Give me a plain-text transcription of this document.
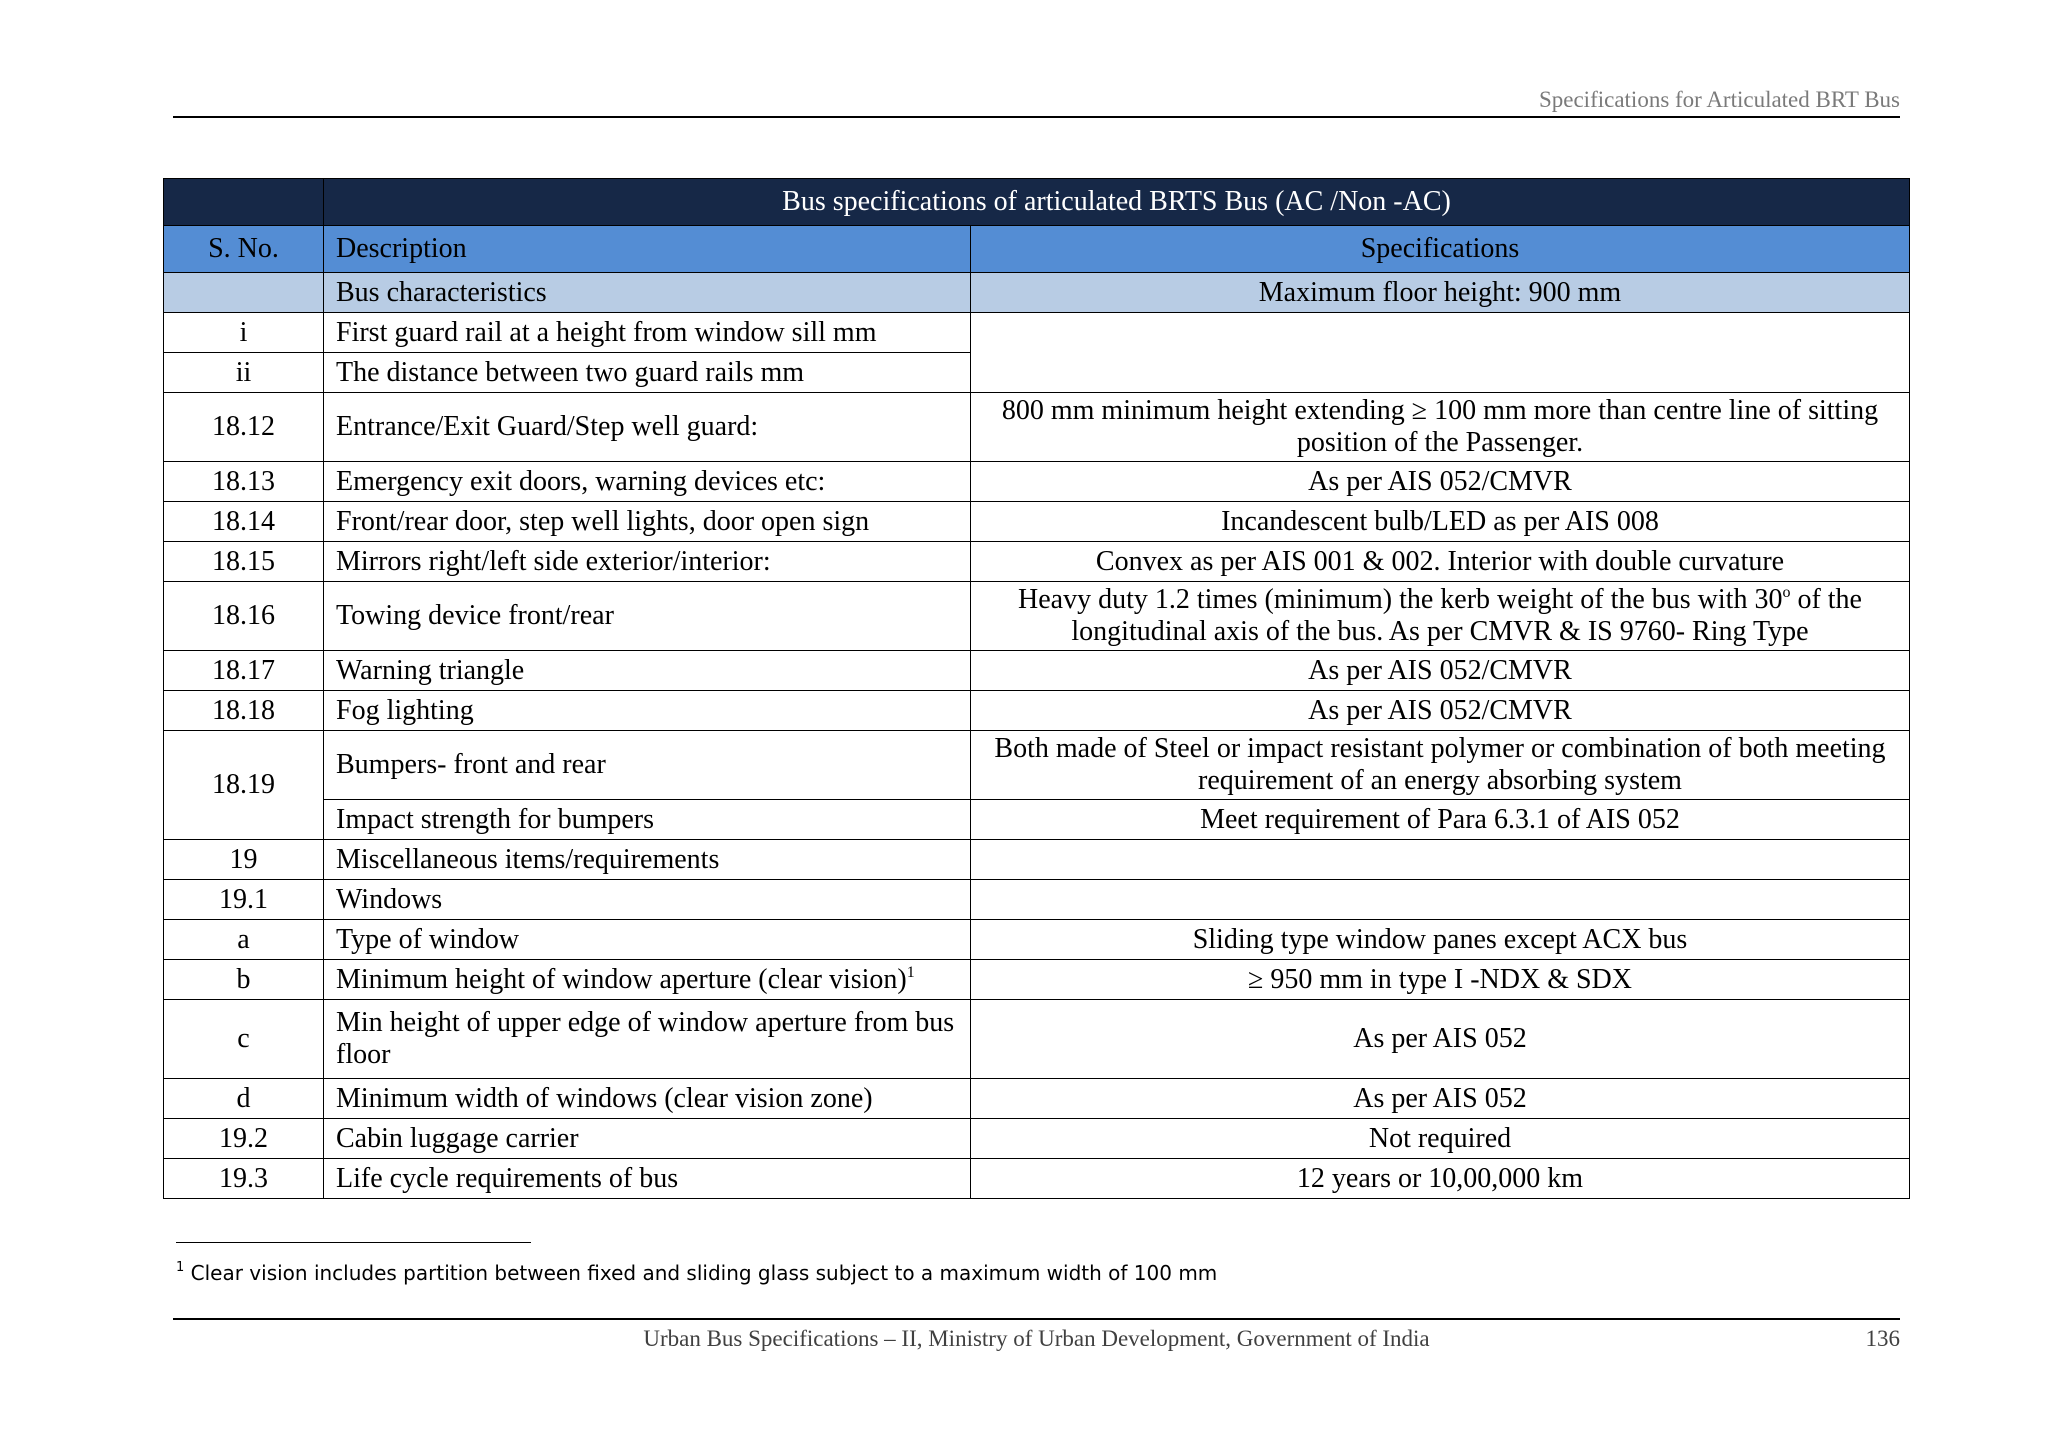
Specifications for Articulated BRT Bus
	Bus specifications of articulated BRTS Bus (AC /Non -AC)	
S. No.	Description	Specifications
	Bus characteristics	Maximum floor height: 900 mm
i	First guard rail at a height from window sill mm	
ii	The distance between two guard rails mm	
18.12	Entrance/Exit Guard/Step well guard:	800 mm minimum height extending ≥ 100 mm more than centre line of sitting position of the Passenger.
18.13	Emergency exit doors, warning devices etc:	As per AIS 052/CMVR
18.14	Front/rear door, step well lights, door open sign	Incandescent bulb/LED as per AIS 008
18.15	Mirrors right/left side exterior/interior:	Convex as per AIS 001 & 002. Interior with double curvature
18.16	Towing device front/rear	Heavy duty 1.2 times (minimum) the kerb weight of the bus with 30$^o$ of the longitudinal axis of the bus. As per CMVR & IS 9760- Ring Type
18.17	Warning triangle	As per AIS 052/CMVR
18.18	Fog lighting	As per AIS 052/CMVR
18.19	Bumpers- front and rear	Both made of Steel or impact resistant polymer or combination of both meeting requirement of an energy absorbing system
	Impact strength for bumpers	Meet requirement of Para 6.3.1 of AIS 052
19	Miscellaneous items/requirements	
19.1	Windows	
a	Type of window	Sliding type window panes except ACX bus
b	Minimum height of window aperture (clear vision)$^1$	≥ 950 mm in type I -NDX & SDX
c	Min height of upper edge of window aperture from bus floor	As per AIS 052
d	Minimum width of windows (clear vision zone)	As per AIS 052
19.2	Cabin luggage carrier	Not required
19.3	Life cycle requirements of bus	12 years or 10,00,000 km
$^1$ Clear vision includes partition between fixed and sliding glass subject to a maximum width of 100 mm
Urban Bus Specifications – II, Ministry of Urban Development, Government of India	136
